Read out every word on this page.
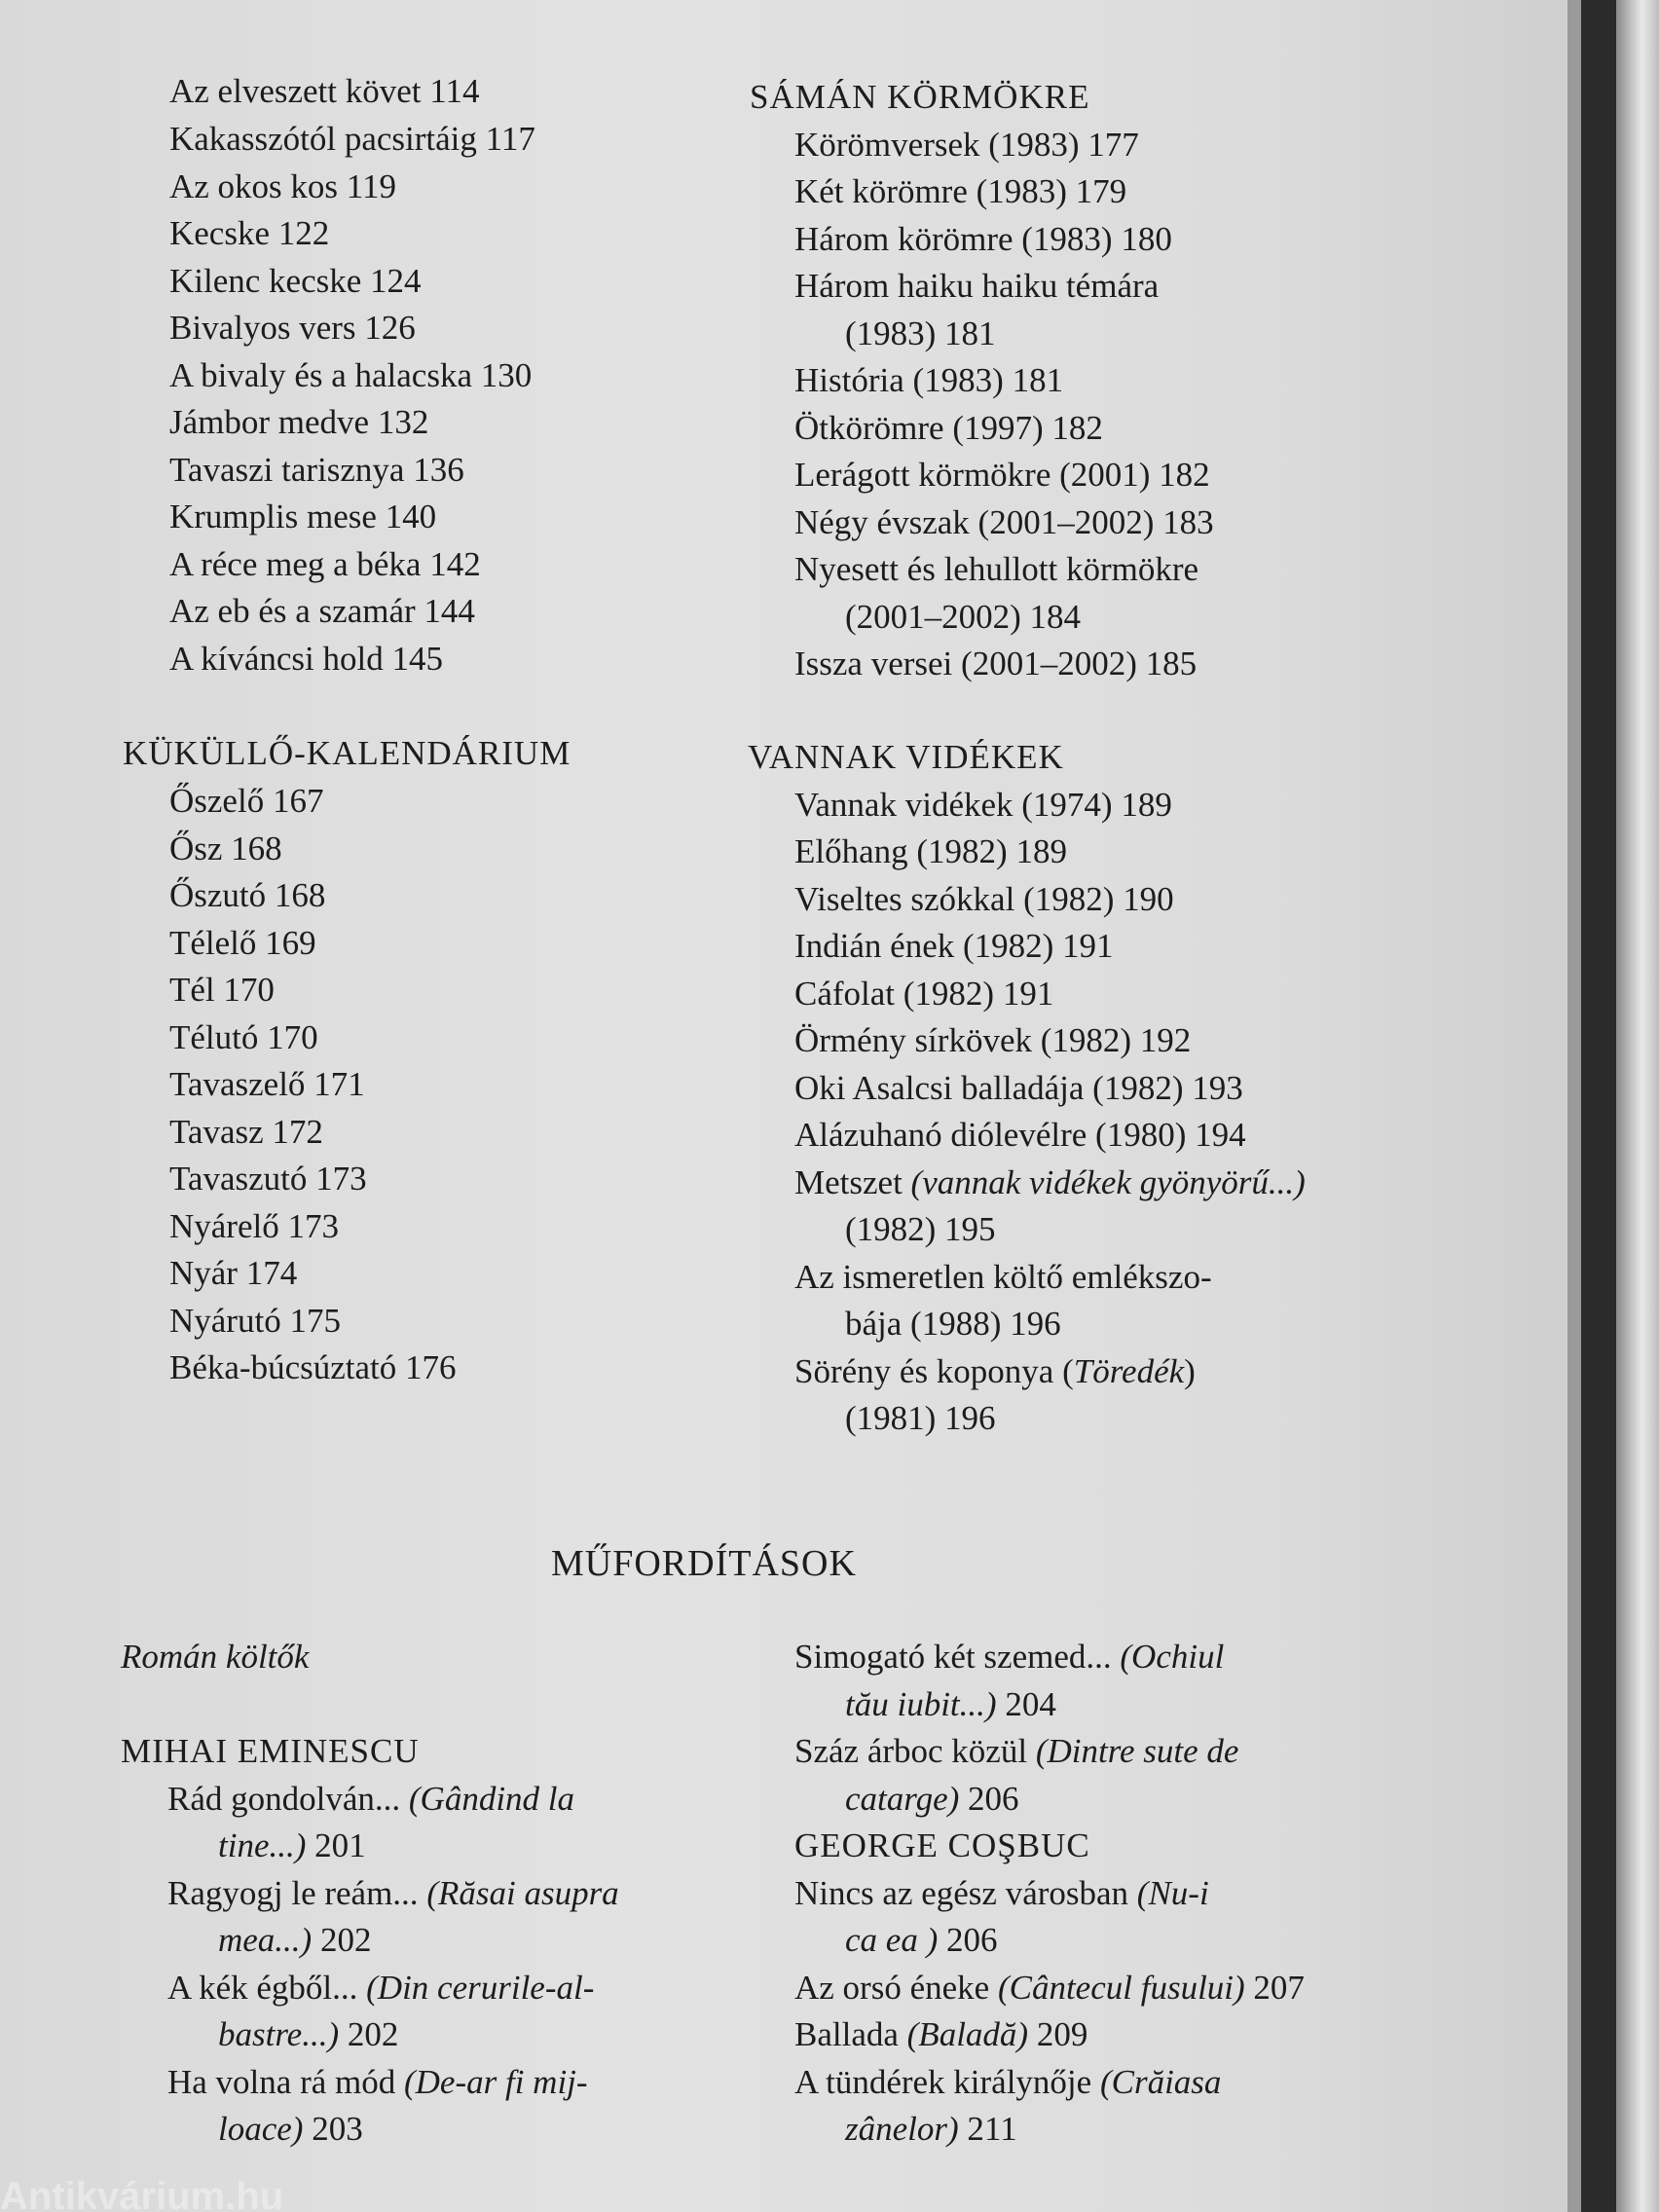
Az elveszett követ 114
Kakasszótól pacsirtáig 117
Az okos kos 119
Kecske 122
Kilenc kecske 124
Bivalyos vers 126
A bivaly és a halacska 130
Jámbor medve 132
Tavaszi tarisznya 136
Krumplis mese 140
A réce meg a béka 142
Az eb és a szamár 144
A kíváncsi hold 145
KÜKÜLLŐ-KALENDÁRIUM
Őszelő 167
Ősz 168
Őszutó 168
Télelő 169
Tél 170
Télutó 170
Tavaszelő 171
Tavasz 172
Tavaszutó 173
Nyárelő 173
Nyár 174
Nyárutó 175
Béka-búcsúztató 176
SÁMÁN KÖRMÖKRE
Körömversek (1983) 177
Két körömre (1983) 179
Három körömre (1983) 180
Három haiku haiku témára
(1983) 181
História (1983) 181
Ötkörömre (1997) 182
Lerágott körmökre (2001) 182
Négy évszak (2001–2002) 183
Nyesett és lehullott körmökre
(2001–2002) 184
Issza versei (2001–2002) 185
VANNAK VIDÉKEK
Vannak vidékek (1974) 189
Előhang (1982) 189
Viseltes szókkal (1982) 190
Indián ének (1982) 191
Cáfolat (1982) 191
Örmény sírkövek (1982) 192
Oki Asalcsi balladája (1982) 193
Alázuhanó diólevélre (1980) 194
Metszet (vannak vidékek gyönyörű...)
(1982) 195
Az ismeretlen költő emlékszo-
bája (1988) 196
Sörény és koponya (Töredék)
(1981) 196
MŰFORDÍTÁSOK
Román költők
MIHAI EMINESCU
Rád gondolván... (Gândind la
tine...) 201
Ragyogj le reám... (Răsai asupra
mea...) 202
A kék égből... (Din cerurile-al-
bastre...) 202
Ha volna rá mód (De-ar fi mij-
loace) 203
Simogató két szemed... (Ochiul
tău iubit...) 204
Száz árboc közül (Dintre sute de
catarge) 206
GEORGE COŞBUC
Nincs az egész városban (Nu-i
ca ea ) 206
Az orsó éneke (Cântecul fusului) 207
Ballada (Baladă) 209
A tündérek királynője (Crăiasa
zânelor) 211
Antikvárium.hu
